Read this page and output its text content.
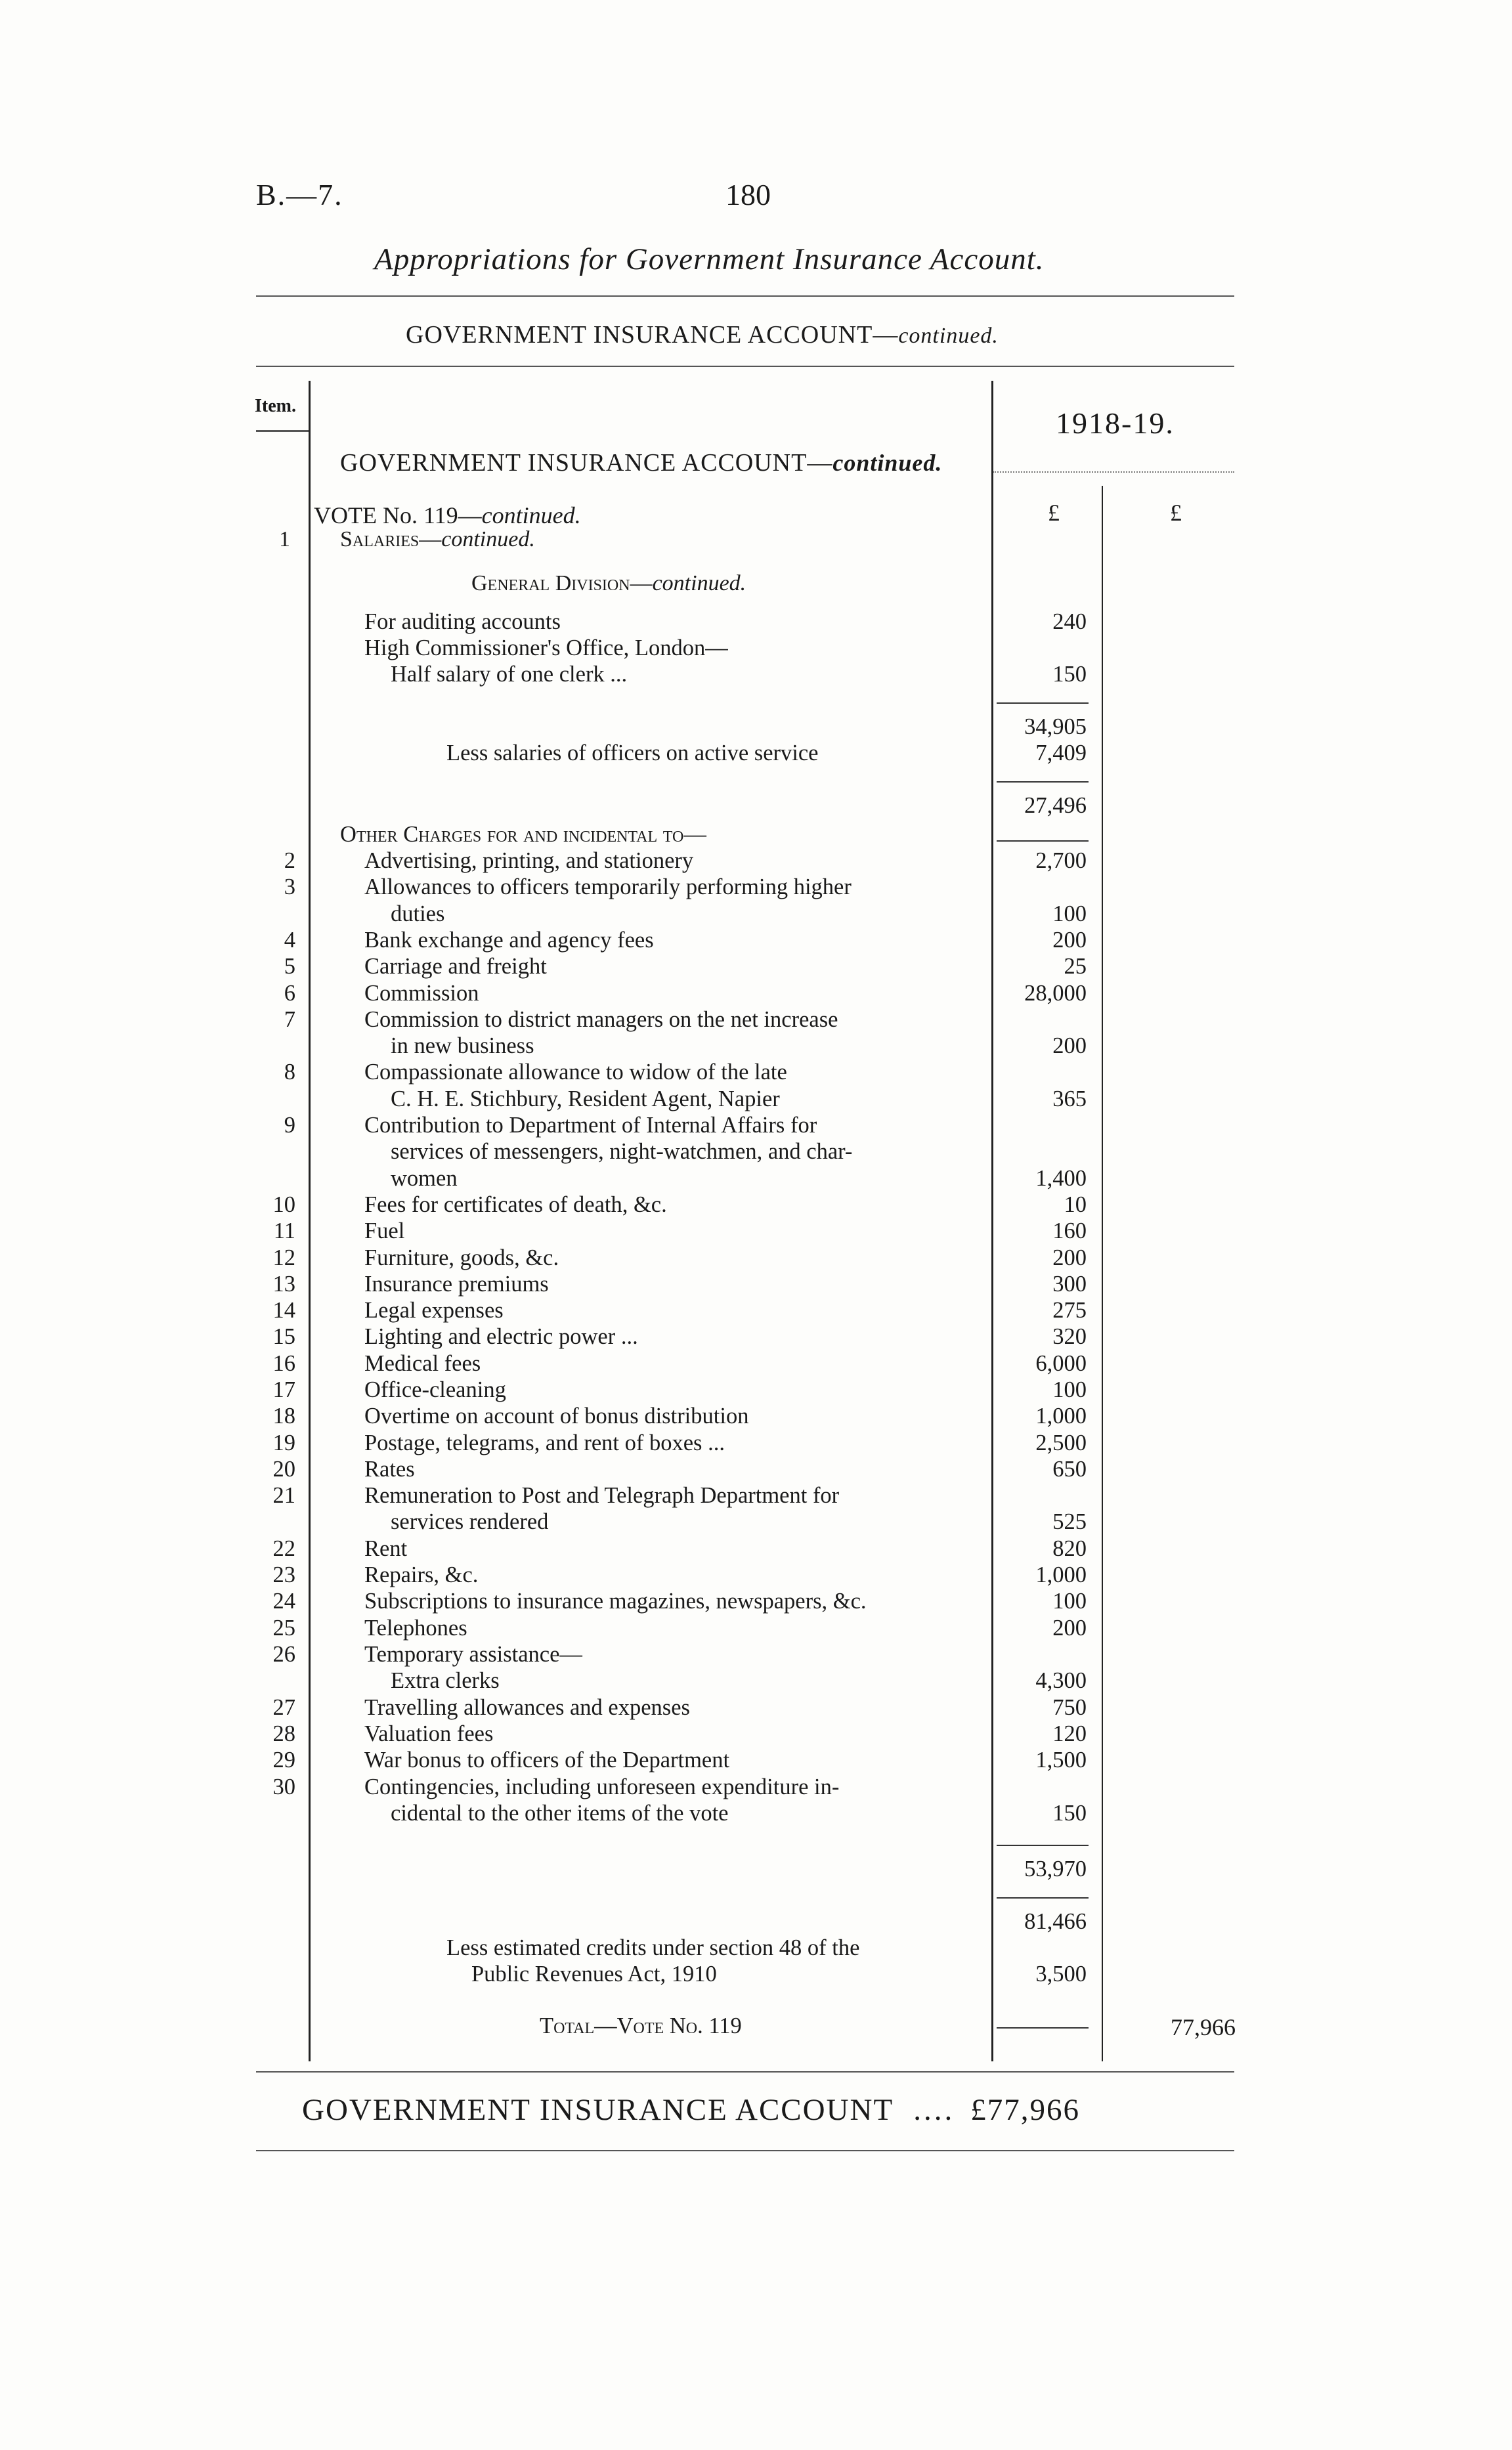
B.—7.	180
Appropriations for Government Insurance Account.
GOVERNMENT INSURANCE ACCOUNT—continued.
Item.
1918-19.
GOVERNMENT INSURANCE ACCOUNT—continued.
£	£
VOTE No. 119—continued.
1 Salaries—continued.
General Division—continued.
For auditing accounts	240
High Commissioner's Office, London—
Half salary of one clerk ...	150
34,905
Less salaries of officers on active service	7,409
27,496
Other Charges for and incidental to—
2	Advertising, printing, and stationery	2,700
3	Allowances to officers temporarily performing higher
duties	100
4	Bank exchange and agency fees	200
5	Carriage and freight	25
6	Commission	28,000
7	Commission to district managers on the net increase
in new business	200
8	Compassionate allowance to widow of the late
C. H. E. Stichbury, Resident Agent, Napier	365
9	Contribution to Department of Internal Affairs for
services of messengers, night-watchmen, and char-
women	1,400
10	Fees for certificates of death, &c.	10
11	Fuel	160
12	Furniture, goods, &c.	200
13	Insurance premiums	300
14	Legal expenses	275
15	Lighting and electric power ...	320
16	Medical fees	6,000
17	Office-cleaning	100
18	Overtime on account of bonus distribution	1,000
19	Postage, telegrams, and rent of boxes ...	2,500
20	Rates	650
21	Remuneration to Post and Telegraph Department for
services rendered	525
22	Rent	820
23	Repairs, &c.	1,000
24	Subscriptions to insurance magazines, newspapers, &c.	100
25	Telephones	200
26	Temporary assistance—
Extra clerks	4,300
27	Travelling allowances and expenses	750
28	Valuation fees	120
29	War bonus to officers of the Department	1,500
30	Contingencies, including unforeseen expenditure in-
cidental to the other items of the vote	150
53,970
81,466
Less estimated credits under section 48 of the
Public Revenues Act, 1910	3,500
Total—Vote No. 119	77,966
GOVERNMENT INSURANCE ACCOUNT .... £77,966
